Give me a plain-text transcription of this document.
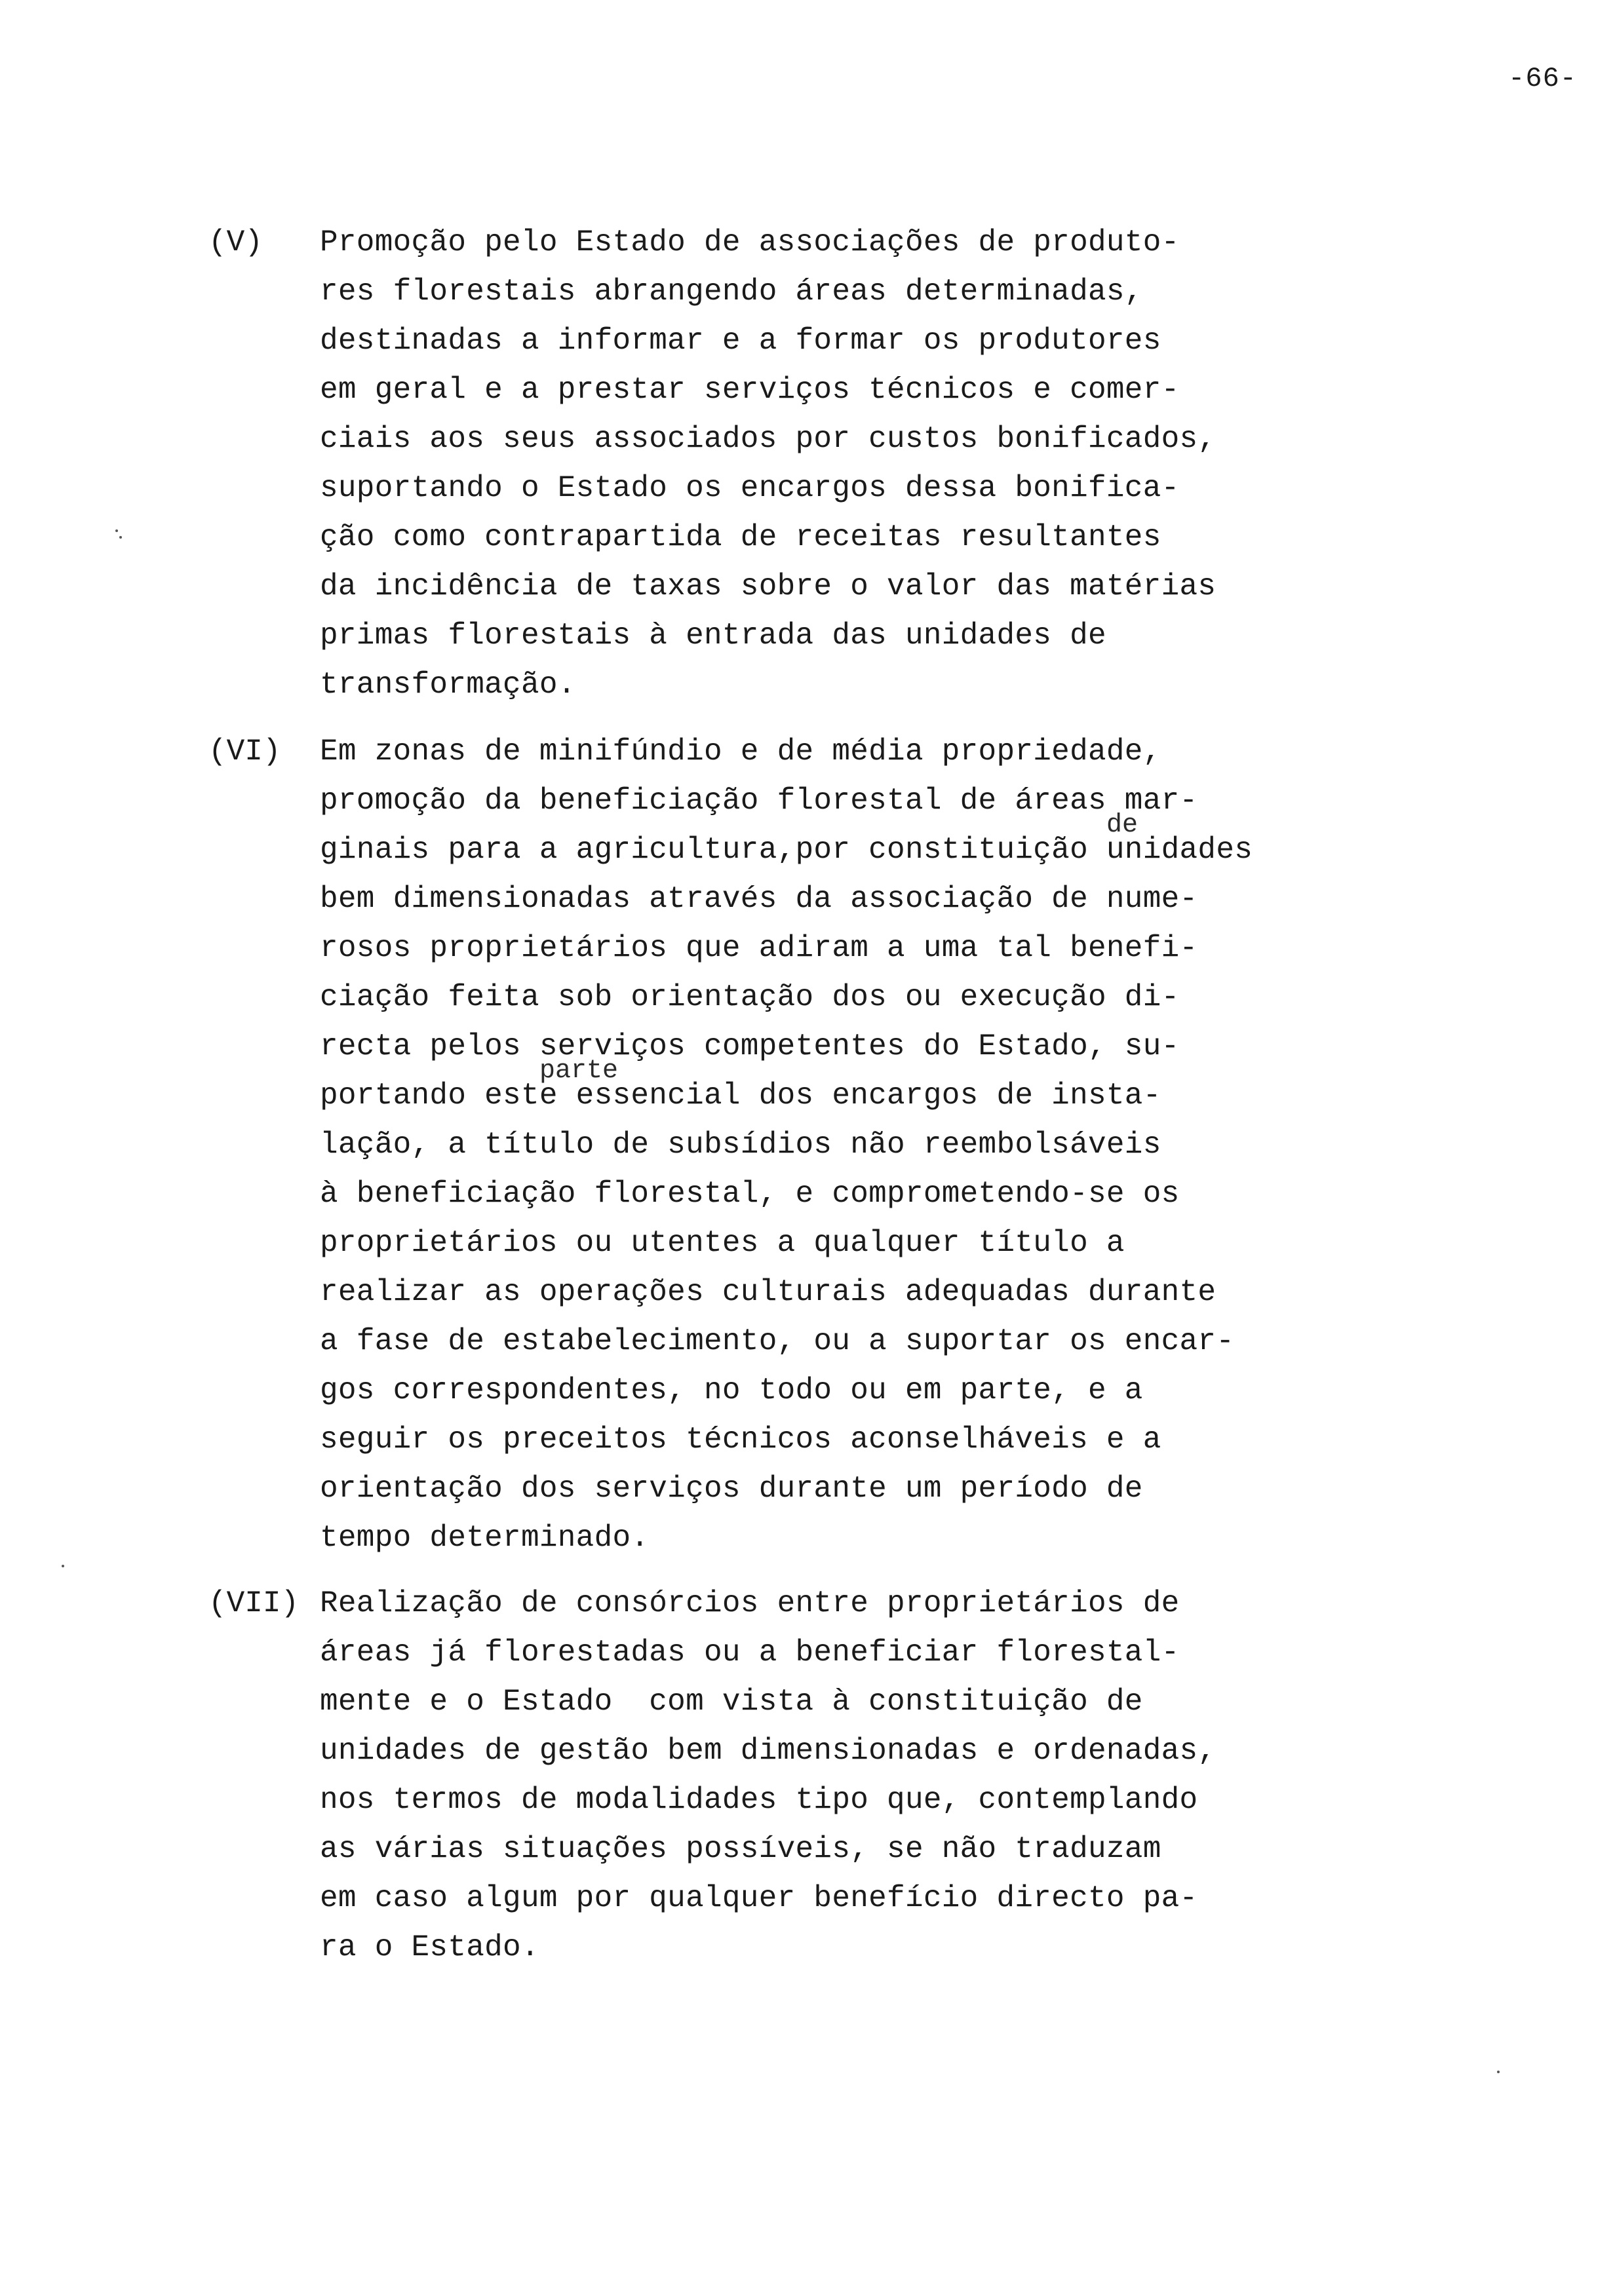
-66-
(V) Promoção pelo Estado de associações de produto-
res florestais abrangendo áreas determinadas,
destinadas a informar e a formar os produtores
em geral e a prestar serviços técnicos e comer-
ciais aos seus associados por custos bonificados,
suportando o Estado os encargos dessa bonifica-
ção como contrapartida de receitas resultantes
da incidência de taxas sobre o valor das matérias
primas florestais à entrada das unidades de
transformação.
(VI) Em zonas de minifúndio e de média propriedade,
promoção da beneficiação florestal de áreas mar-
ginais para a agricultura,por constituição unidades
bem dimensionadas através da associação de nume-
rosos proprietários que adiram a uma tal benefi-
ciação feita sob orientação dos ou execução di-
recta pelos serviços competentes do Estado, su-
portando este essencial dos encargos de insta-
lação, a título de subsídios não reembolsáveis
à beneficiação florestal, e comprometendo-se os
proprietários ou utentes a qualquer título a
realizar as operações culturais adequadas durante
a fase de estabelecimento, ou a suportar os encar-
gos correspondentes, no todo ou em parte, e a
seguir os preceitos técnicos aconselháveis e a
orientação dos serviços durante um período de
tempo determinado.
de
parte
(VII) Realização de consórcios entre proprietários de
áreas já florestadas ou a beneficiar florestal-
mente e o Estado  com vista à constituição de
unidades de gestão bem dimensionadas e ordenadas,
nos termos de modalidades tipo que, contemplando
as várias situações possíveis, se não traduzam
em caso algum por qualquer benefício directo pa-
ra o Estado.
